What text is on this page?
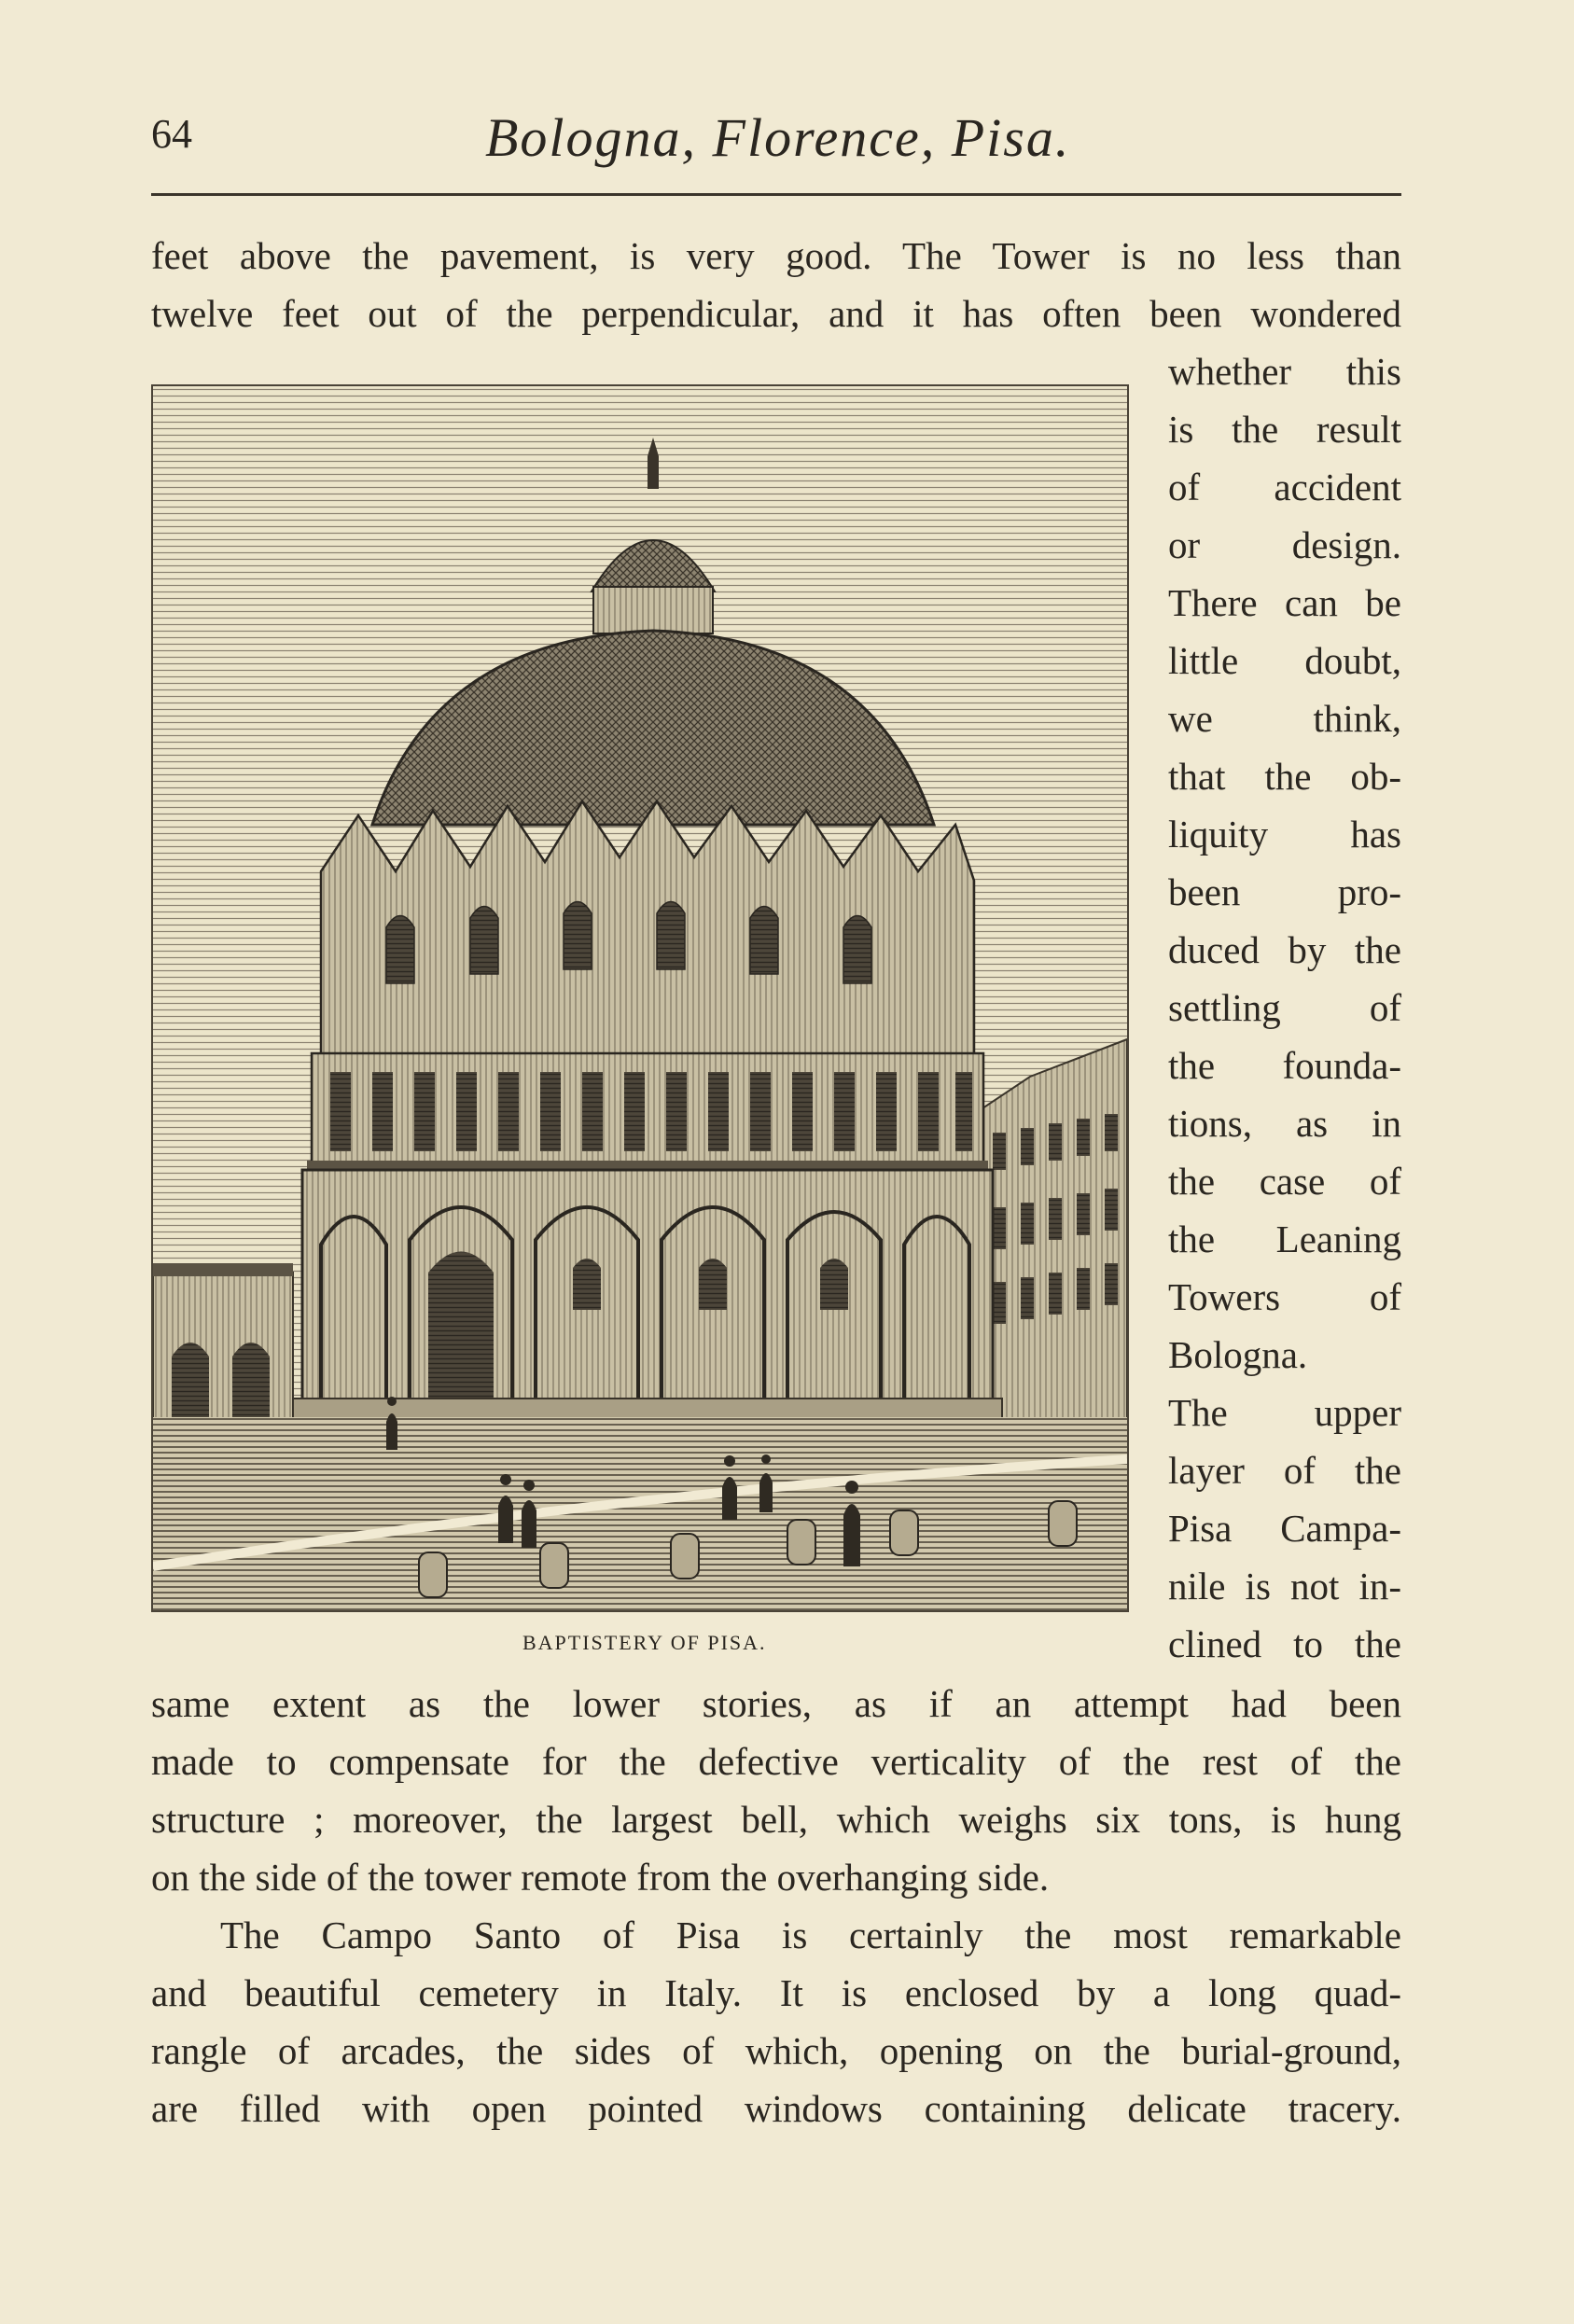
64	Bologna, Florence, Pisa.
feet above the pavement, is very good. The Tower is no less than
twelve feet out of the perpendicular, and it has often been wondered
whether this
is the result
of accident
or design.
There can be
little doubt,
we think,
that the ob-
liquity has
been pro-
duced by the
settling of
the founda-
tions, as in
the case of
the Leaning
Towers of
Bologna.
The upper
layer of the
Pisa Campa-
nile is not in-
clined to the
BAPTISTERY OF PISA.
same extent as the lower stories, as if an attempt had been
made to compensate for the defective verticality of the rest of the
structure ; moreover, the largest bell, which weighs six tons, is hung
on the side of the tower remote from the overhanging side.
The Campo Santo of Pisa is certainly the most remarkable
and beautiful cemetery in Italy. It is enclosed by a long quad-
rangle of arcades, the sides of which, opening on the burial-ground,
are filled with open pointed windows containing delicate tracery.
